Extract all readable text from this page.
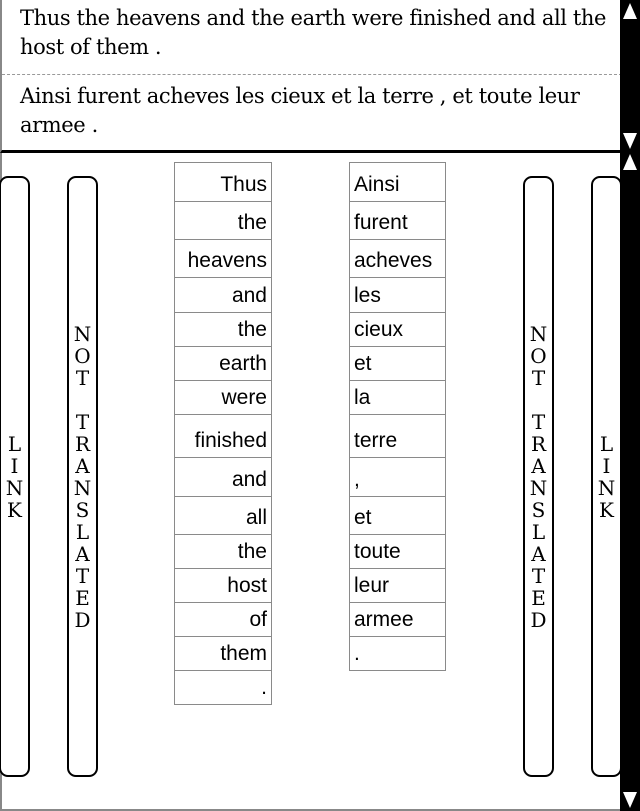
Thus the heavens and the earth were finished and all the host of them .
Ainsi furent acheves les cieux et la terre , et toute leur armee .
L
I
N
K
N
O
T

T
R
A
N
S
L
A
T
E
D
N
O
T

T
R
A
N
S
L
A
T
E
D
L
I
N
K
Thus
the
heavens
and
the
earth
were
finished
and
all
the
host
of
them
.
Ainsi
furent
acheves
les
cieux
et
la
terre
,
et
toute
leur
armee
.
